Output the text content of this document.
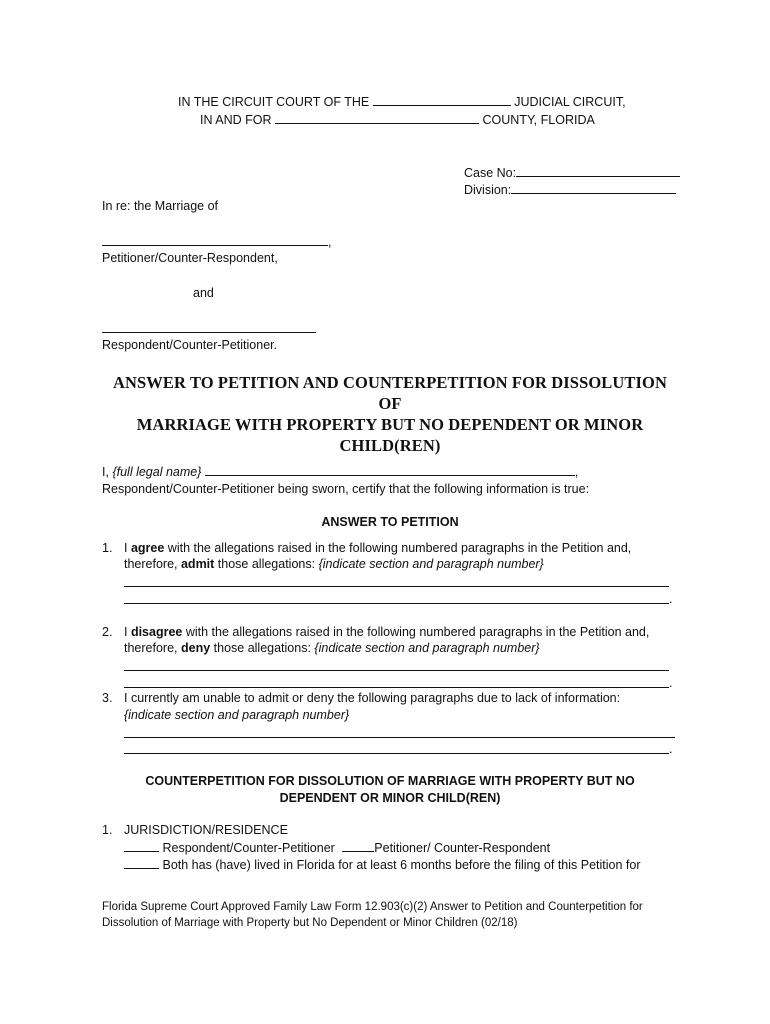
IN THE CIRCUIT COURT OF THE	JUDICIAL CIRCUIT,
IN AND FOR	COUNTY, FLORIDA
Case No:
Division:
In re: the Marriage of
,
Petitioner/Counter-Respondent,
and
Respondent/Counter-Petitioner.
ANSWER TO PETITION AND COUNTERPETITION FOR DISSOLUTION OF
MARRIAGE WITH PROPERTY BUT NO DEPENDENT OR MINOR
CHILD(REN)
I, {full legal name}	,
Respondent/Counter-Petitioner being sworn, certify that the following information is true:
ANSWER TO PETITION
1. I agree with the allegations raised in the following numbered paragraphs in the Petition and,
therefore, admit those allegations: {indicate section and paragraph number}
.
2. I disagree with the allegations raised in the following numbered paragraphs in the Petition and,
therefore, deny those allegations: {indicate section and paragraph number}
.
3. I currently am unable to admit or deny the following paragraphs due to lack of information:
{indicate section and paragraph number}
.
COUNTERPETITION FOR DISSOLUTION OF MARRIAGE WITH PROPERTY BUT NO
DEPENDENT OR MINOR CHILD(REN)
1. JURISDICTION/RESIDENCE
Respondent/Counter-Petitioner	Petitioner/ Counter-Respondent
Both has (have) lived in Florida for at least 6 months before the filing of this Petition for
Florida Supreme Court Approved Family Law Form 12.903(c)(2) Answer to Petition and Counterpetition for
Dissolution of Marriage with Property but No Dependent or Minor Children (02/18)
